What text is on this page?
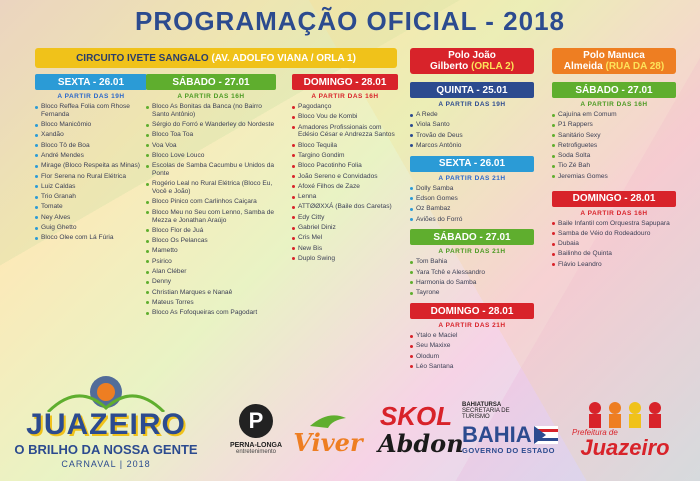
PROGRAMAÇÃO OFICIAL - 2018
CIRCUITO IVETE SANGALO
(AV. ADOLFO VIANA / ORLA 1)	Polo João
Gilberto (ORLA 2)
Polo Manuca
Almeida (RUA DA 28)
SEXTA - 26.01
A PARTIR DAS 19H
Bloco Reffea Folia com Rhose Fernanda
Bloco Manicômio
Xandão
Bloco Tô de Boa
André Mendes
Mirage (Bloco Respeita as Minas)
Flor Serena no Rural Elétrica
Luiz Caldas
Trio Granah
Tomate
Ney Alves
Guig Ghetto
Bloco Olee com Lá Fúria
SÁBADO - 27.01
A PARTIR DAS 16H
Bloco As Bonitas da Banca (no Bairro Santo Antônio)
Sérgio do Forró e Wanderley do Nordeste
Bloco Toa Toa
Voa Voa
Bloco Love Louco
Escolas de Samba Cacumbu e Unidos da Ponte
Rogério Leal no Rural Elétrica (Bloco Eu, Você e João)
Bloco Pinico com Carlinhos Caiçara
Bloco Meu no Seu com Lenno, Samba de Mezza e Jonathan Araújo
Bloco Flor de Juá
Bloco Os Pelancas
Mametto
Psirico
Alan Cléber
Denny
Christian Marques e Nanaê
Mateus Torres
Bloco As Fofoqueiras com Pagodart
DOMINGO - 28.01
A PARTIR DAS 16H
Pagodanço
Bloco Vou de Kombi
Amadores Profissionais com Edésio César e Andrezza Santos
Bloco Tequila
Targino Gondim
Bloco Pacotinho Folia
João Sereno e Convidados
Afoxé Filhos de Zaze
Lenna
ATTØØXXÁ (Baile dos Caretas)
Edy Citty
Gabriel Diniz
Cris Mel
New Bis
Duplo Swing
QUINTA - 25.01
A PARTIR DAS 19H
A Rede
Viola Santo
Trovão de Deus
Marcos Antônio
SEXTA - 26.01
A PARTIR DAS 21H
Dolly Samba
Edson Gomes
Oz Bambaz
Aviões do Forró
SÁBADO - 27.01
A PARTIR DAS 21H
Tom Bahia
Yara Tchê e Alessandro
Harmonia do Samba
Tayrone
DOMINGO - 28.01
A PARTIR DAS 21H
Ytalo e Maciel
Seu Maxixe
Olodum
Léo Santana
SÁBADO - 27.01
A PARTIR DAS 16H
Cajuína em Comum
P1 Rappers
Sanitário Sexy
Retrofiguetes
Soda Solta
Tio Zé Bah
Jeremias Gomes
DOMINGO - 28.01
A PARTIR DAS 16H
Baile Infantil com Orquestra Sapupara
Samba de Véio do Rodeadouro
Dubaia
Bailinho de Quinta
Flávio Leandro
JUAZEIRO
O BRILHO DA NOSSA GENTE
CARNAVAL | 2018
P
PERNA-LONGA
entretenimento Viver
SKOL
Abdon
BAHIATURSA
SECRETARIA DE TURISMO
BAHIA
GOVERNO DO ESTADO
Prefeitura de
Juazeiro
